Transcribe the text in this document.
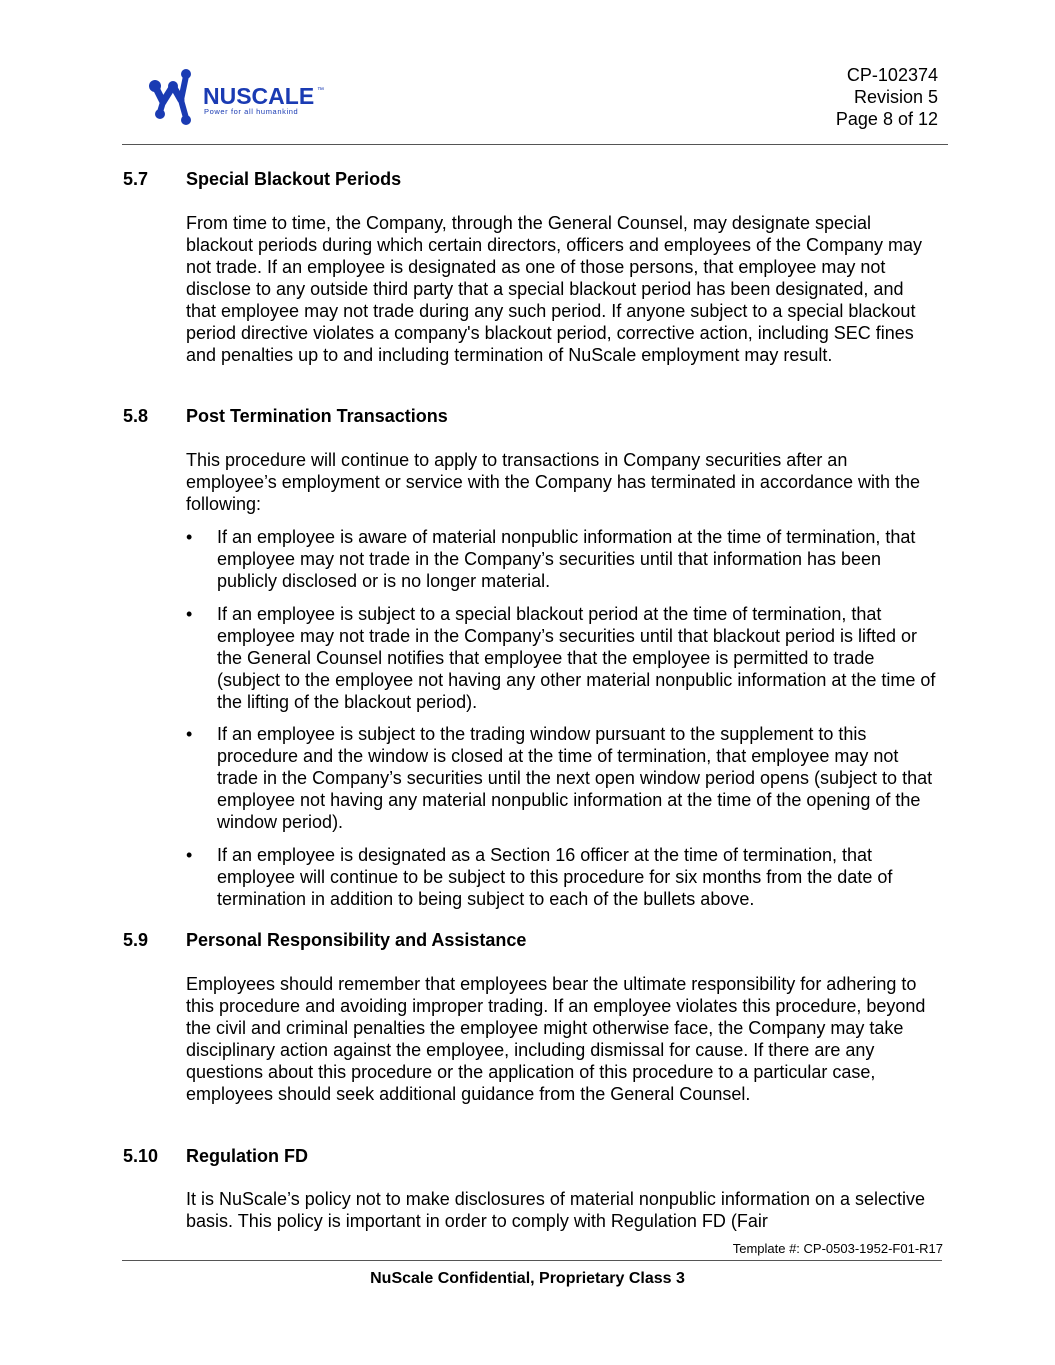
NUSCALE ™
Power for all humankind
CP-102374
Revision 5
Page 8 of 12
5.7 Special Blackout Periods

From time to time, the Company, through the General Counsel, may designate special blackout periods during which certain directors, officers and employees of the Company may not trade. If an employee is designated as one of those persons, that employee may not disclose to any outside third party that a special blackout period has been designated, and that employee may not trade during any such period. If anyone subject to a special blackout period directive violates a company's blackout period, corrective action, including SEC fines and penalties up to and including termination of NuScale employment may result.

5.8 Post Termination Transactions

This procedure will continue to apply to transactions in Company securities after an employee’s employment or service with the Company has terminated in accordance with the following:

• If an employee is aware of material nonpublic information at the time of termination, that employee may not trade in the Company’s securities until that information has been publicly disclosed or is no longer material.
• If an employee is subject to a special blackout period at the time of termination, that employee may not trade in the Company’s securities until that blackout period is lifted or the General Counsel notifies that employee that the employee is permitted to trade (subject to the employee not having any other material nonpublic information at the time of the lifting of the blackout period).
• If an employee is subject to the trading window pursuant to the supplement to this procedure and the window is closed at the time of termination, that employee may not trade in the Company’s securities until the next open window period opens (subject to that employee not having any material nonpublic information at the time of the opening of the window period).
• If an employee is designated as a Section 16 officer at the time of termination, that employee will continue to be subject to this procedure for six months from the date of termination in addition to being subject to each of the bullets above.
5.9 Personal Responsibility and Assistance

Employees should remember that employees bear the ultimate responsibility for adhering to this procedure and avoiding improper trading. If an employee violates this procedure, beyond the civil and criminal penalties the employee might otherwise face, the Company may take disciplinary action against the employee, including dismissal for cause. If there are any questions about this procedure or the application of this procedure to a particular case, employees should seek additional guidance from the General Counsel.

5.10 Regulation FD

It is NuScale’s policy not to make disclosures of material nonpublic information on a selective basis. This policy is important in order to comply with Regulation FD (Fair

Template #: CP-0503-1952-F01-R17
NuScale Confidential, Proprietary Class 3
